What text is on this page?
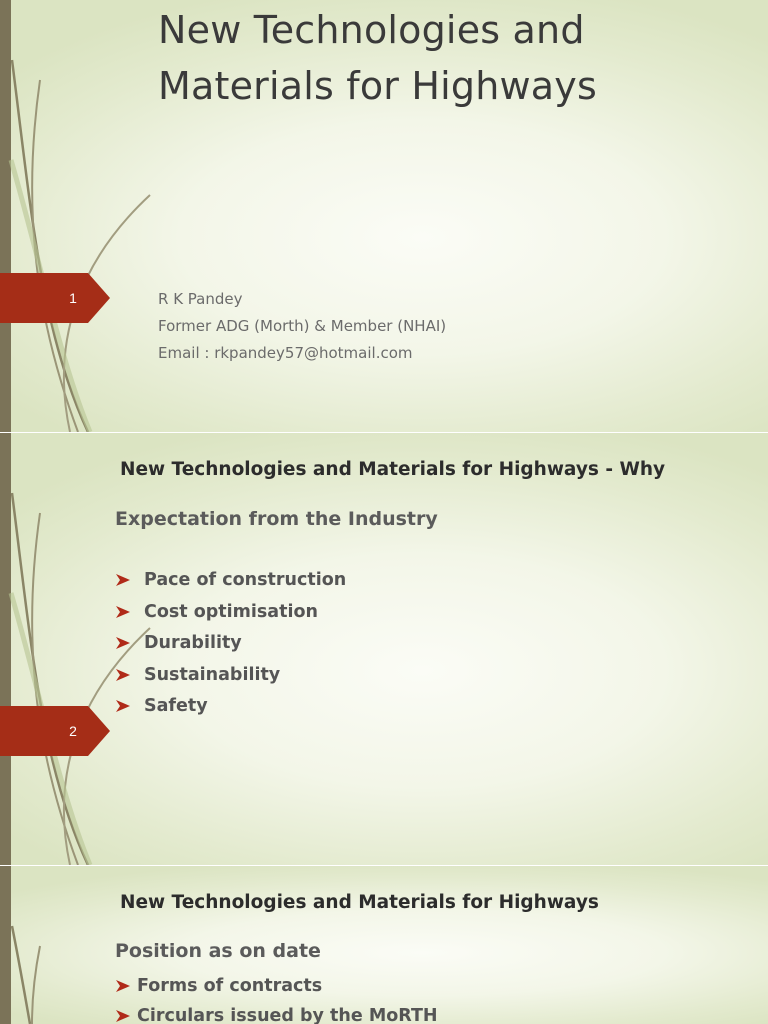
1
New Technologies and Materials for Highways
R K Pandey
Former ADG (Morth) & Member (NHAI)
Email : rkpandey57@hotmail.com
2
New Technologies and Materials for Highways - Why
Expectation from the Industry
Pace of construction
Cost optimisation
Durability
Sustainability
Safety
New Technologies and Materials for Highways
Position as on date
Forms of contracts
Circulars issued by the MoRTH
